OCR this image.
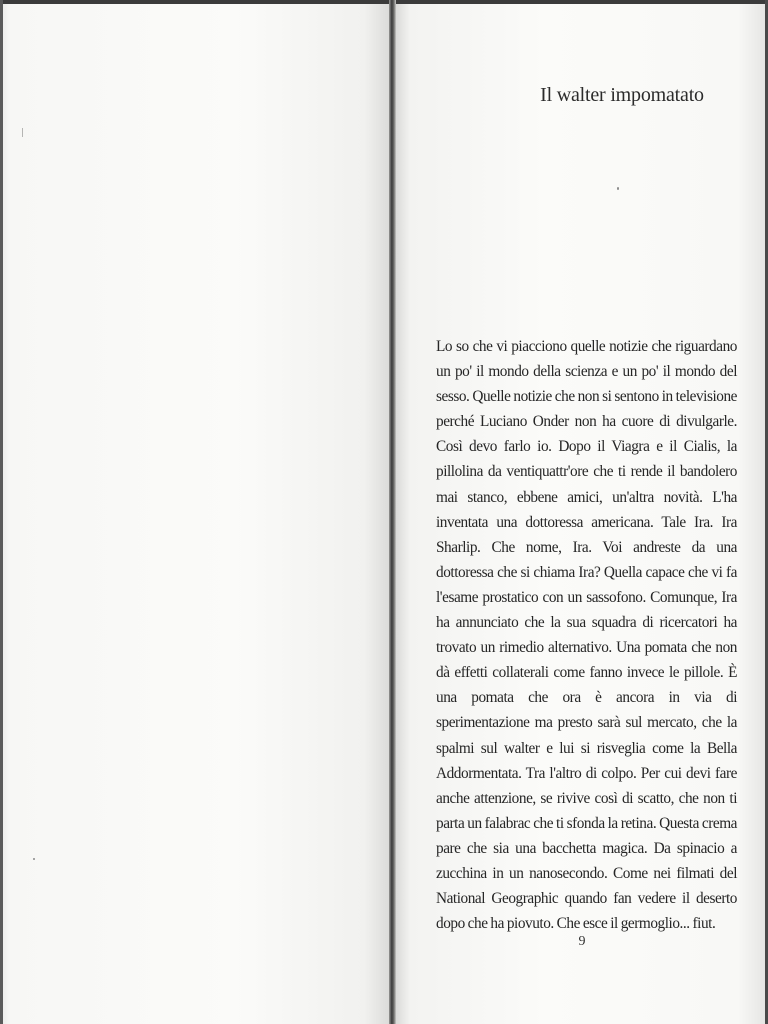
Il walter impomatato

Lo so che vi piacciono quelle notizie che riguardano un po' il mondo della scienza e un po' il mondo del sesso. Quelle notizie che non si sentono in televisione perché Luciano Onder non ha cuore di divulgarle. Così devo farlo io. Dopo il Viagra e il Cialis, la pillolina da ventiquattr'ore che ti rende il bandolero mai stanco, ebbene amici, un'altra novità. L'ha inventata una dottoressa americana. Tale Ira. Ira Sharlip. Che nome, Ira. Voi andreste da una dottoressa che si chiama Ira? Quella capace che vi fa l'esame prostatico con un sassofono. Comunque, Ira ha annunciato che la sua squadra di ricercatori ha trovato un rimedio alternativo. Una pomata che non dà effetti collaterali come fanno invece le pillole. È una pomata che ora è ancora in via di sperimentazione ma presto sarà sul mercato, che la spalmi sul walter e lui si risveglia come la Bella Addormentata. Tra l'altro di colpo. Per cui devi fare anche attenzione, se rivive così di scatto, che non ti parta un falabrac che ti sfonda la retina. Questa crema pare che sia una bacchetta magica. Da spinacio a zucchina in un nanosecondo. Come nei filmati del National Geographic quando fan vedere il deserto dopo che ha piovuto. Che esce il germoglio... fiut.

9
